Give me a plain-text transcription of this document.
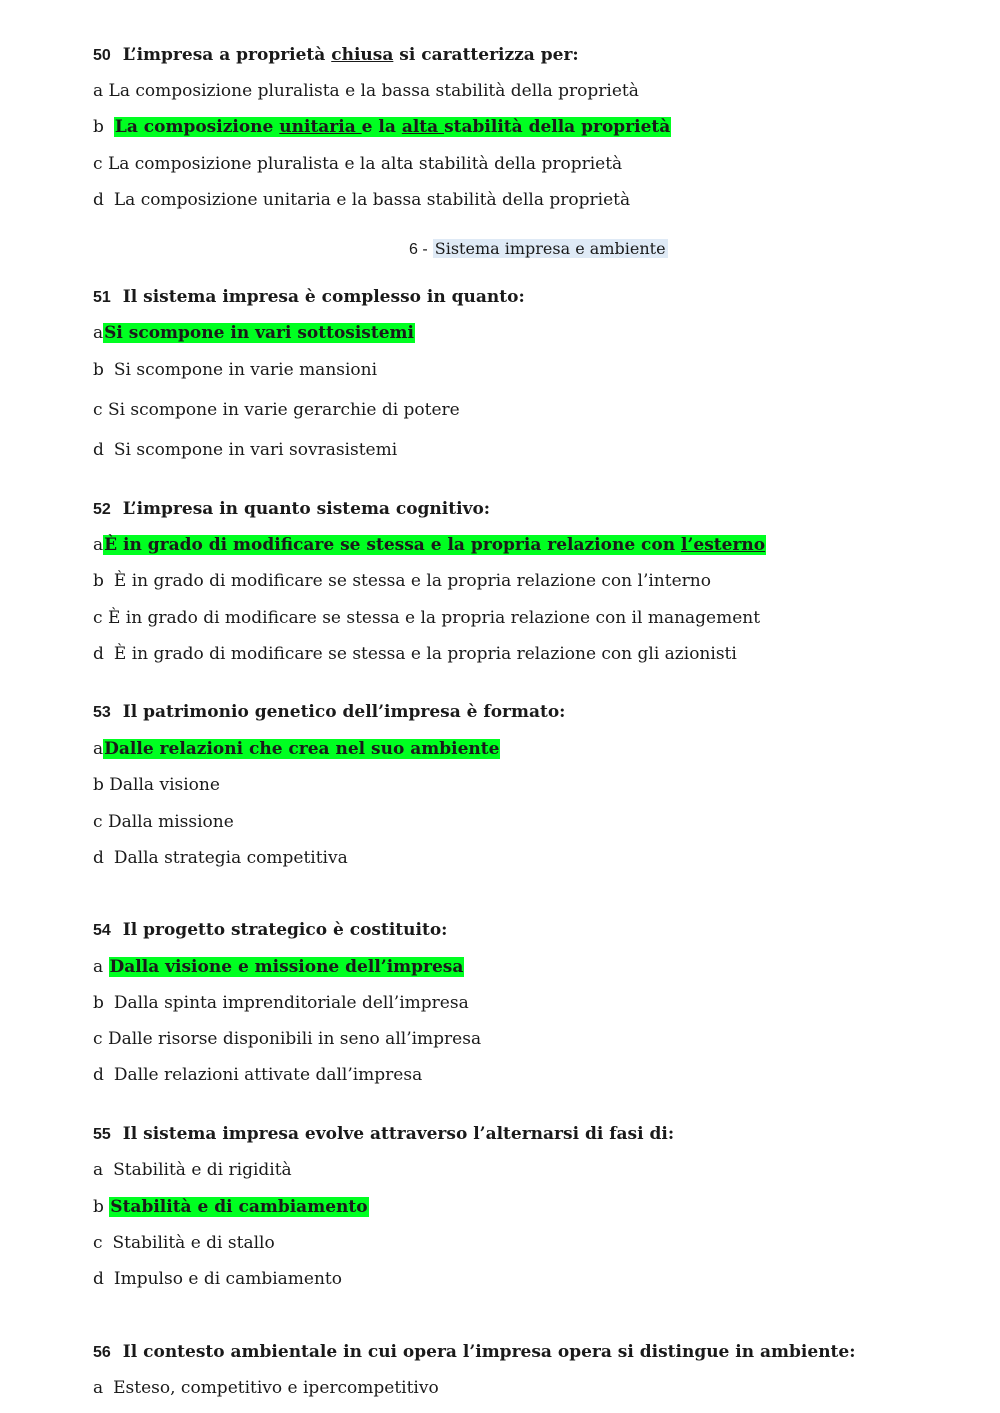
50 L’impresa a proprietà chiusa si caratterizza per:
a La composizione pluralista e la bassa stabilità della proprietà
b La composizione unitaria e la alta stabilità della proprietà
c La composizione pluralista e la alta stabilità della proprietà
d La composizione unitaria e la bassa stabilità della proprietà
6 - Sistema impresa e ambiente
51 Il sistema impresa è complesso in quanto:
aSi scompone in vari sottosistemi
b Si scompone in varie mansioni
c Si scompone in varie gerarchie di potere
d Si scompone in vari sovrasistemi
52 L’impresa in quanto sistema cognitivo:
aÈ in grado di modificare se stessa e la propria relazione con l’esterno
b È in grado di modificare se stessa e la propria relazione con l’interno
c È in grado di modificare se stessa e la propria relazione con il management
d È in grado di modificare se stessa e la propria relazione con gli azionisti
53 Il patrimonio genetico dell’impresa è formato:
aDalle relazioni che crea nel suo ambiente
b Dalla visione
c Dalla missione
d Dalla strategia competitiva
54 Il progetto strategico è costituito:
a Dalla visione e missione dell’impresa
b Dalla spinta imprenditoriale dell’impresa
c Dalle risorse disponibili in seno all’impresa
d Dalle relazioni attivate dall’impresa
55 Il sistema impresa evolve attraverso l’alternarsi di fasi di:
a Stabilità e di rigidità
b Stabilità e di cambiamento
c Stabilità e di stallo
d Impulso e di cambiamento
56 Il contesto ambientale in cui opera l’impresa opera si distingue in ambiente:
a Esteso, competitivo e ipercompetitivo
